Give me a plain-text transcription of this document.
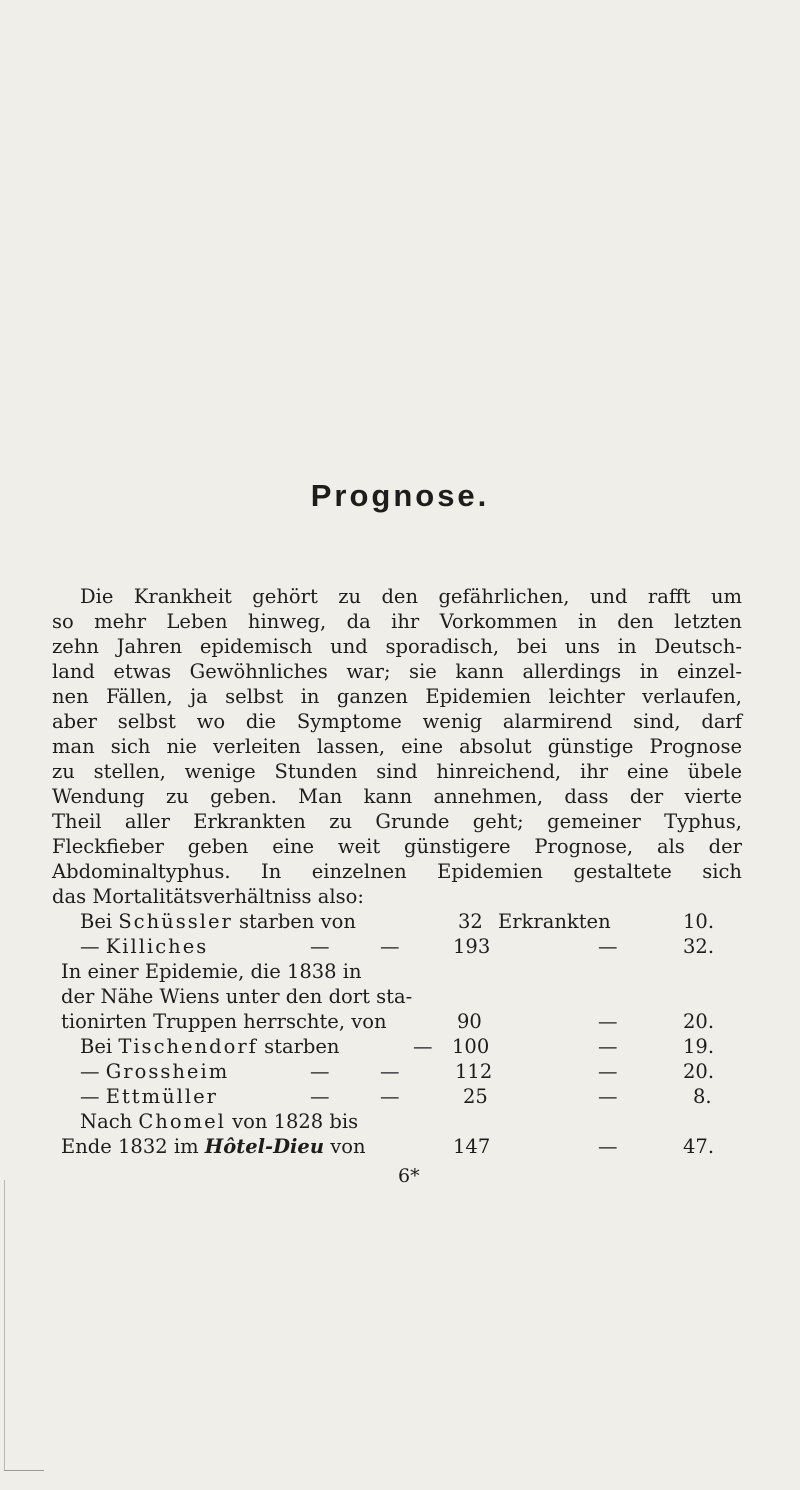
Prognose.
Die Krankheit gehört zu den gefährlichen, und rafft um
so mehr Leben hinweg, da ihr Vorkommen in den letzten
zehn Jahren epidemisch und sporadisch, bei uns in Deutsch-
land etwas Gewöhnliches war; sie kann allerdings in einzel-
nen Fällen, ja selbst in ganzen Epidemien leichter verlaufen,
aber selbst wo die Symptome wenig alarmirend sind, darf
man sich nie verleiten lassen, eine absolut günstige Prognose
zu stellen, wenige Stunden sind hinreichend, ihr eine übele
Wendung zu geben. Man kann annehmen, dass der vierte
Theil aller Erkrankten zu Grunde geht; gemeiner Typhus,
Fleckfieber geben eine weit günstigere Prognose, als der
Abdominaltyphus. In einzelnen Epidemien gestaltete sich
das Mortalitätsverhältniss also:
Bei Schüssler starben von	32 Erkrankten	10.
— Killiches	—	—	193	—	32.
In einer Epidemie, die 1838 in
der Nähe Wiens unter den dort sta-
tionirten Truppen herrschte, von	90	—	20.
Bei Tischendorf starben	— 100	—	19.
— Grossheim	—	—	112	—	20.
— Ettmüller	—	—	25	—	8.
Nach Chomel von 1828 bis
Ende 1832 im Hôtel-Dieu von	147	—	47.
6*
